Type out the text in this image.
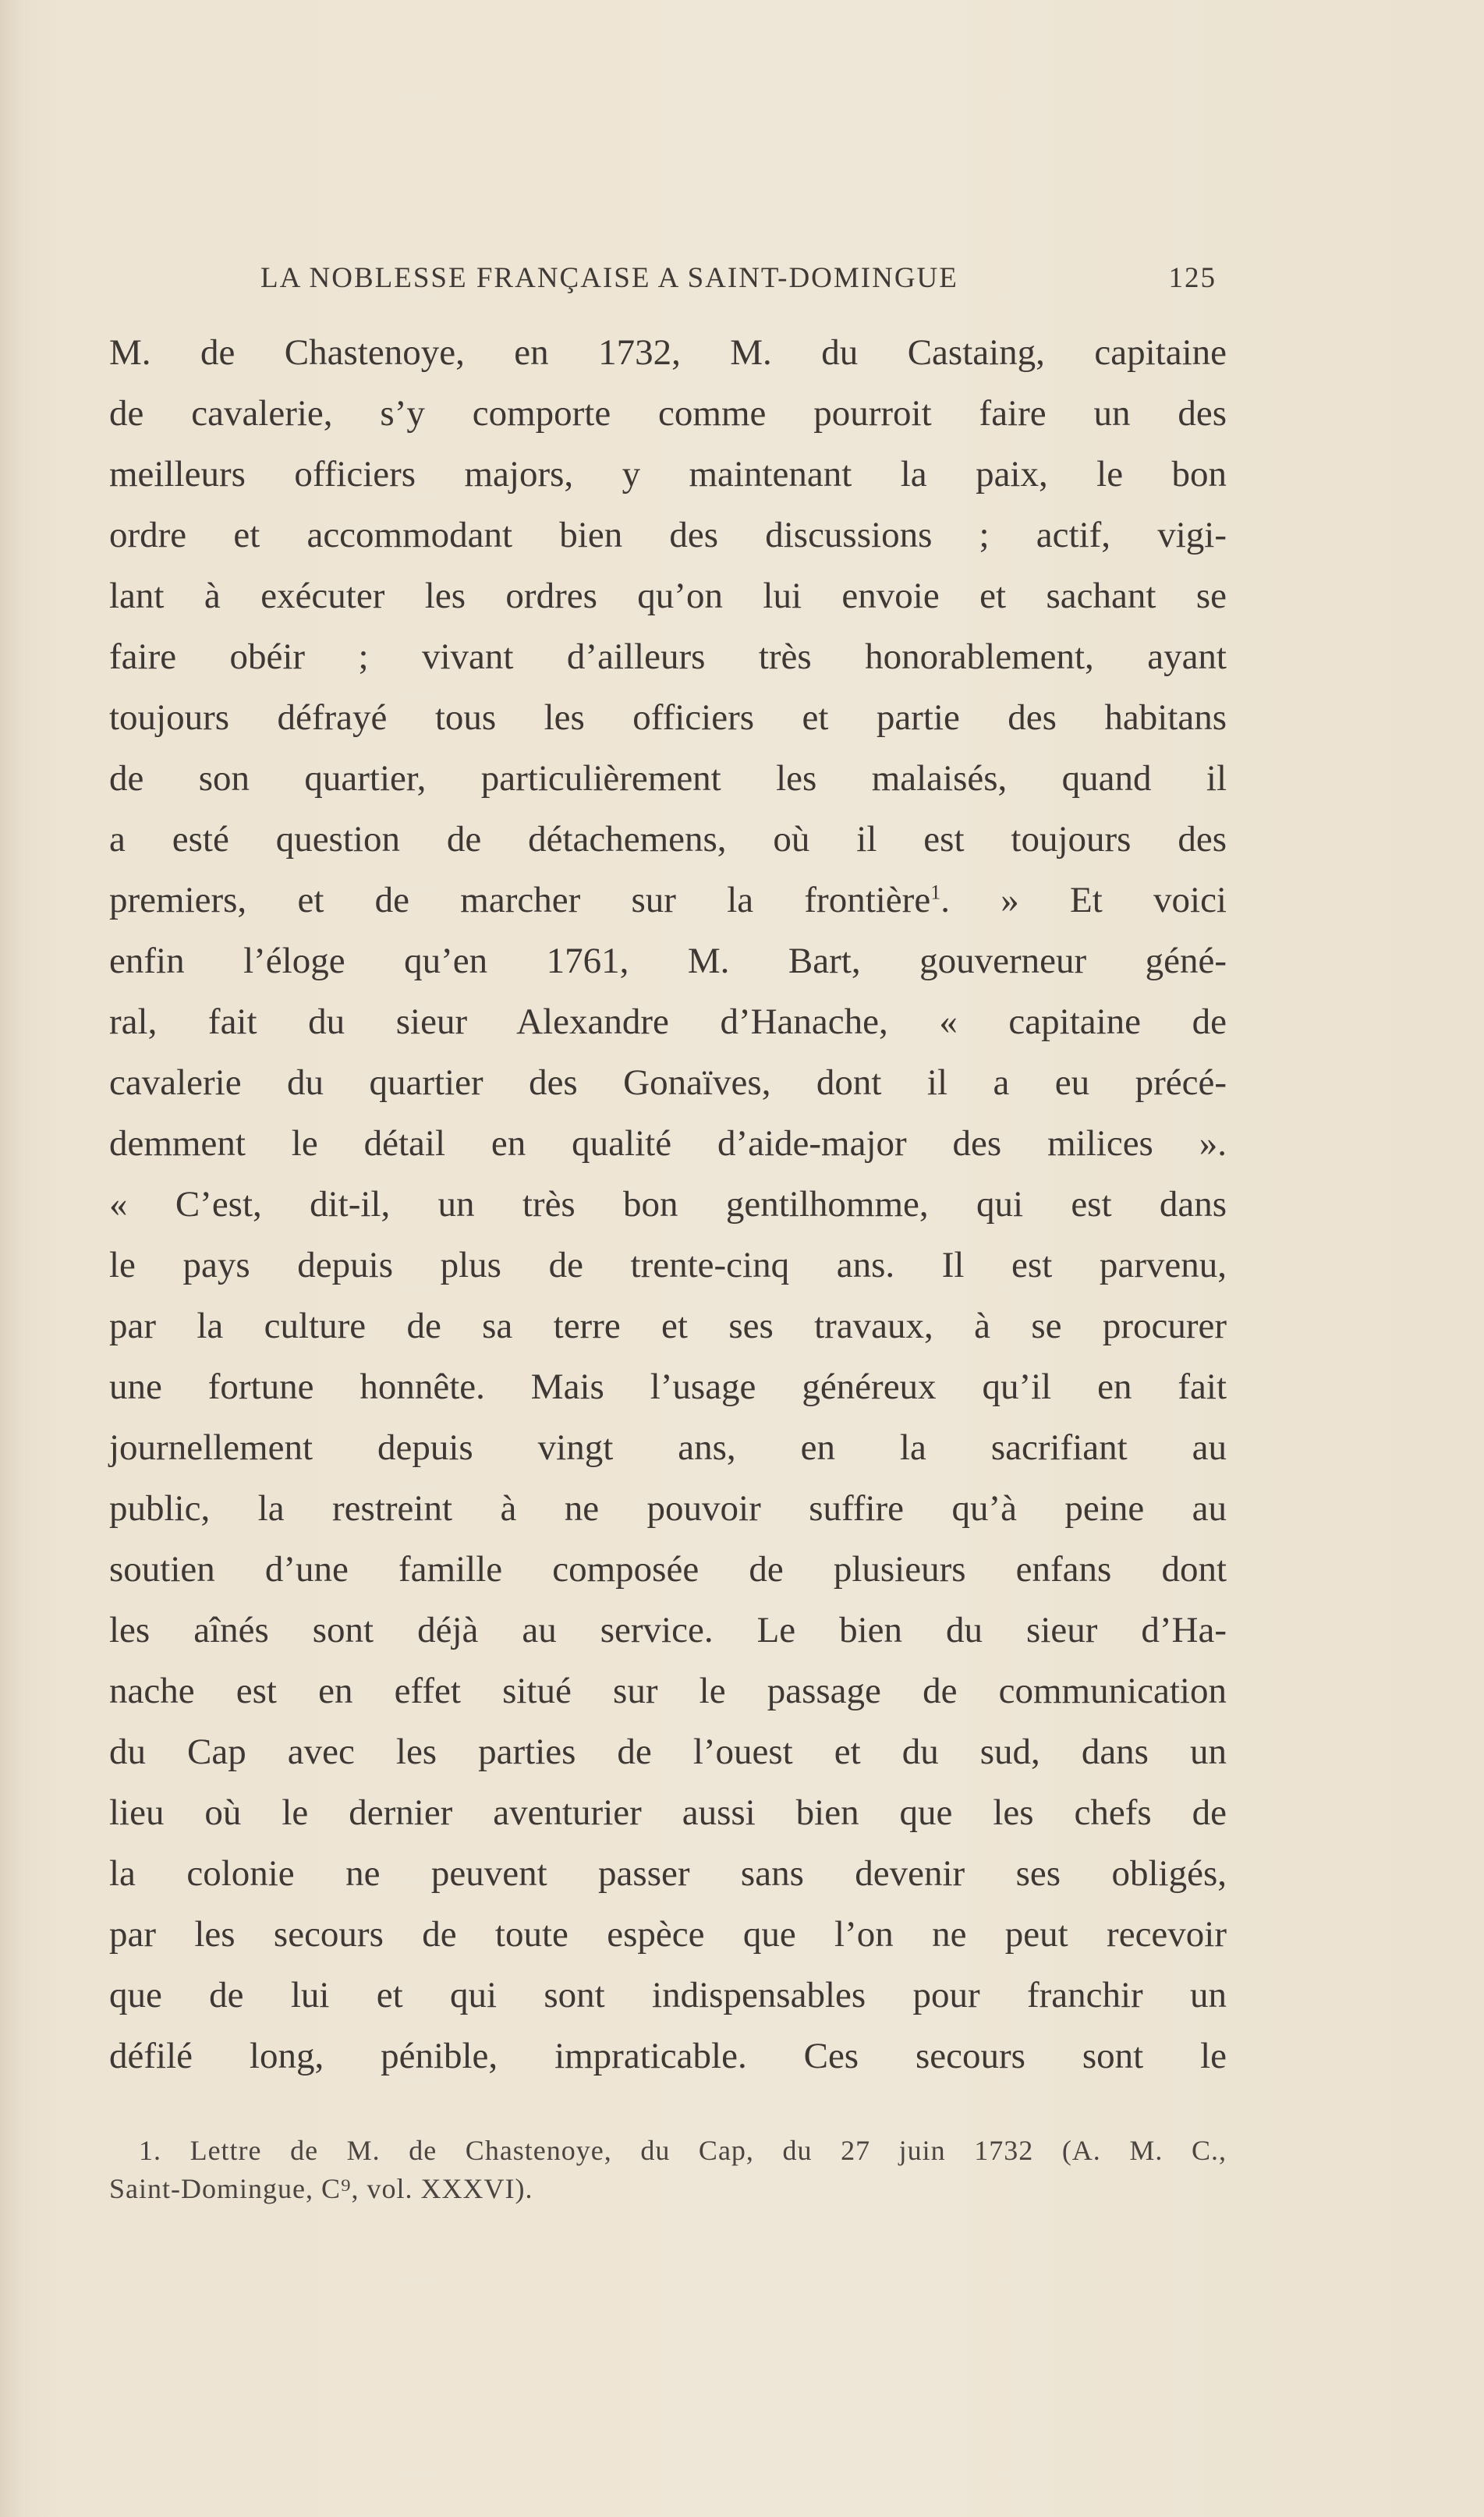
LA NOBLESSE FRANÇAISE A SAINT-DOMINGUE	125
M. de Chastenoye, en 1732, M. du Castaing, capitaine
de cavalerie, s’y comporte comme pourroit faire un des
meilleurs officiers majors, y maintenant la paix, le bon
ordre et accommodant bien des discussions ; actif, vigi-
lant à exécuter les ordres qu’on lui envoie et sachant se
faire obéir ; vivant d’ailleurs très honorablement, ayant
toujours défrayé tous les officiers et partie des habitans
de son quartier, particulièrement les malaisés, quand il
a esté question de détachemens, où il est toujours des
premiers, et de marcher sur la frontière$^1$. » Et voici
enfin l’éloge qu’en 1761, M. Bart, gouverneur géné-
ral, fait du sieur Alexandre d’Hanache, « capitaine de
cavalerie du quartier des Gonaïves, dont il a eu précé-
demment le détail en qualité d’aide-major des milices ».
« C’est, dit-il, un très bon gentilhomme, qui est dans
le pays depuis plus de trente-cinq ans. Il est parvenu,
par la culture de sa terre et ses travaux, à se procurer
une fortune honnête. Mais l’usage généreux qu’il en fait
journellement depuis vingt ans, en la sacrifiant au
public, la restreint à ne pouvoir suffire qu’à peine au
soutien d’une famille composée de plusieurs enfans dont
les aînés sont déjà au service. Le bien du sieur d’Ha-
nache est en effet situé sur le passage de communication
du Cap avec les parties de l’ouest et du sud, dans un
lieu où le dernier aventurier aussi bien que les chefs de
la colonie ne peuvent passer sans devenir ses obligés,
par les secours de toute espèce que l’on ne peut recevoir
que de lui et qui sont indispensables pour franchir un
défilé long, pénible, impraticable. Ces secours sont le
1. Lettre de M. de Chastenoye, du Cap, du 27 juin 1732 (A. M. C.,
Saint-Domingue, C⁹, vol. XXXVI).
